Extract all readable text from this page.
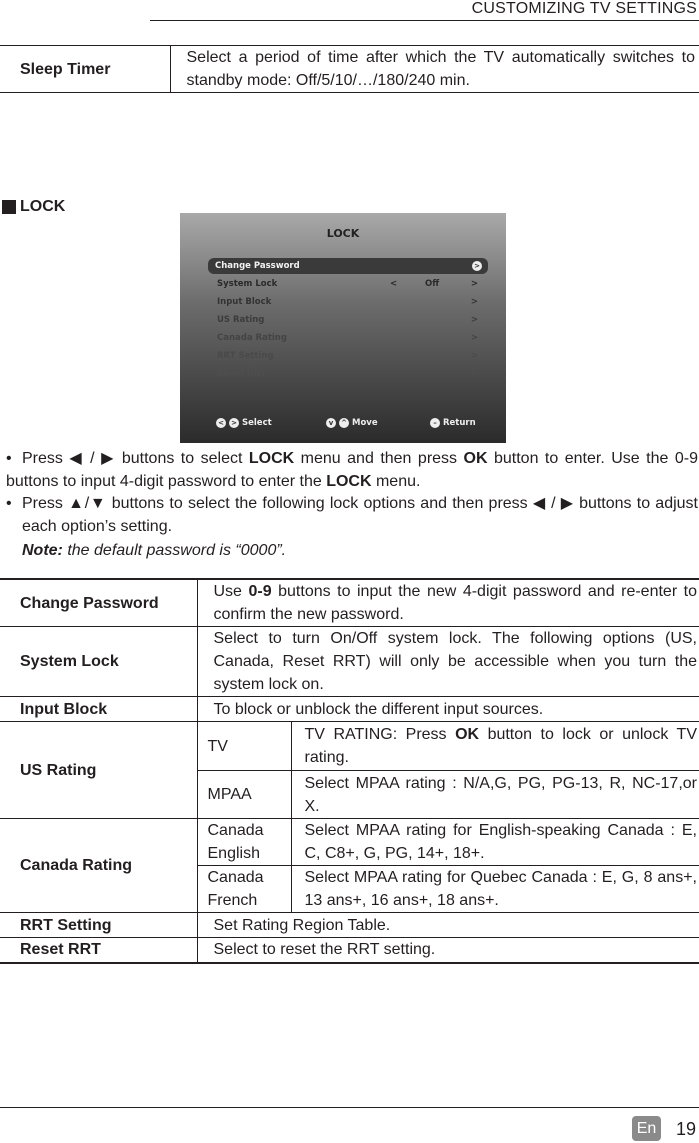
CUSTOMIZING TV SETTINGS
Sleep Timer	Select a period of time after which the TV automatically switches to standby mode: Off/5/10/…/180/240 min.
LOCK
LOCK
Change Password	>
System Lock	<	Off	>
Input Block	>
US Rating	>
Canada Rating	>
RRT Setting	>
Reset RRT	>
< > Select	v	^ Move	– Return
• Press ◀ / ▶ buttons to select LOCK menu and then press OK button to enter. Use the 0-9 buttons to input 4-digit password to enter the LOCK menu.
• Press ▲/▼ buttons to select the following lock options and then press ◀ / ▶ buttons to adjust each option’s setting.
Note: the default password is “0000”.
Change Password	Use 0-9 buttons to input the new 4-digit password and re-enter to confirm the new password.	
System Lock	Select to turn On/Off system lock. The following options (US, Canada, Reset RRT) will only be accessible when you turn the system lock on.	
Input Block	To block or unblock the different input sources.	
US Rating	TV	TV RATING: Press OK button to lock or unlock TV rating.
	MPAA	Select MPAA rating : N/A,G, PG, PG-13, R, NC-17,or X.
Canada Rating	Canada English	Select MPAA rating for English-speaking Canada : E, C, C8+, G, PG, 14+, 18+.
	Canada French	Select MPAA rating for Quebec Canada : E, G, 8 ans+, 13 ans+, 16 ans+, 18 ans+.
RRT Setting	Set Rating Region Table.	
Reset RRT	Select to reset the RRT setting.	
En 19
